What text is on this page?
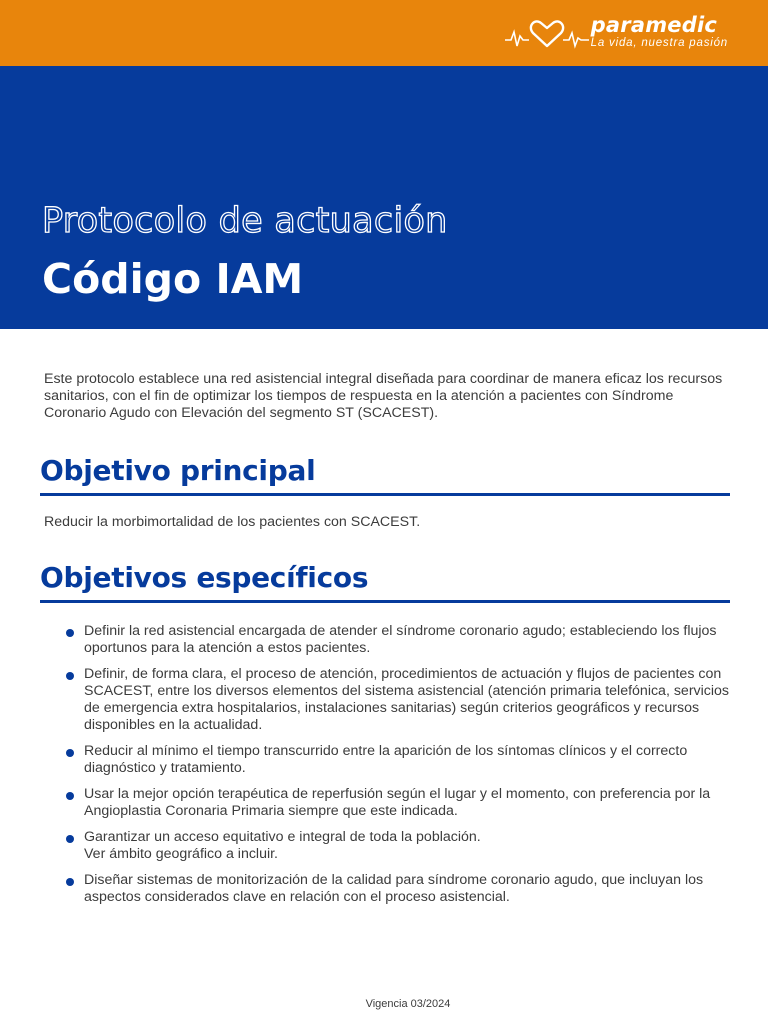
paramedic
La vida, nuestra pasión
Protocolo de actuación
Código IAM

Este protocolo establece una red asistencial integral diseñada para coordinar de manera eficaz los recursos sanitarios, con el fin de optimizar los tiempos de respuesta en la atención a pacientes con Síndrome Coronario Agudo con Elevación del segmento ST (SCACEST).

Objetivo principal

Reducir la morbimortalidad de los pacientes con SCACEST.

Objetivos específicos
Definir la red asistencial encargada de atender el síndrome coronario agudo; estableciendo los flujos oportunos para la atención a estos pacientes.
Definir, de forma clara, el proceso de atención, procedimientos de actuación y flujos de pacientes con SCACEST, entre los diversos elementos del sistema asistencial (atención primaria telefónica, servicios de emergencia extra hospitalarios, instalaciones sanitarias) según criterios geográficos y recursos disponibles en la actualidad.
Reducir al mínimo el tiempo transcurrido entre la aparición de los síntomas clínicos y el correcto diagnóstico y tratamiento.
Usar la mejor opción terapéutica de reperfusión según el lugar y el momento, con preferencia por la Angioplastia Coronaria Primaria siempre que este indicada.
Garantizar un acceso equitativo e integral de toda la población.
Ver ámbito geográfico a incluir.
Diseñar sistemas de monitorización de la calidad para síndrome coronario agudo, que incluyan los aspectos considerados clave en relación con el proceso asistencial.
Vigencia 03/2024
